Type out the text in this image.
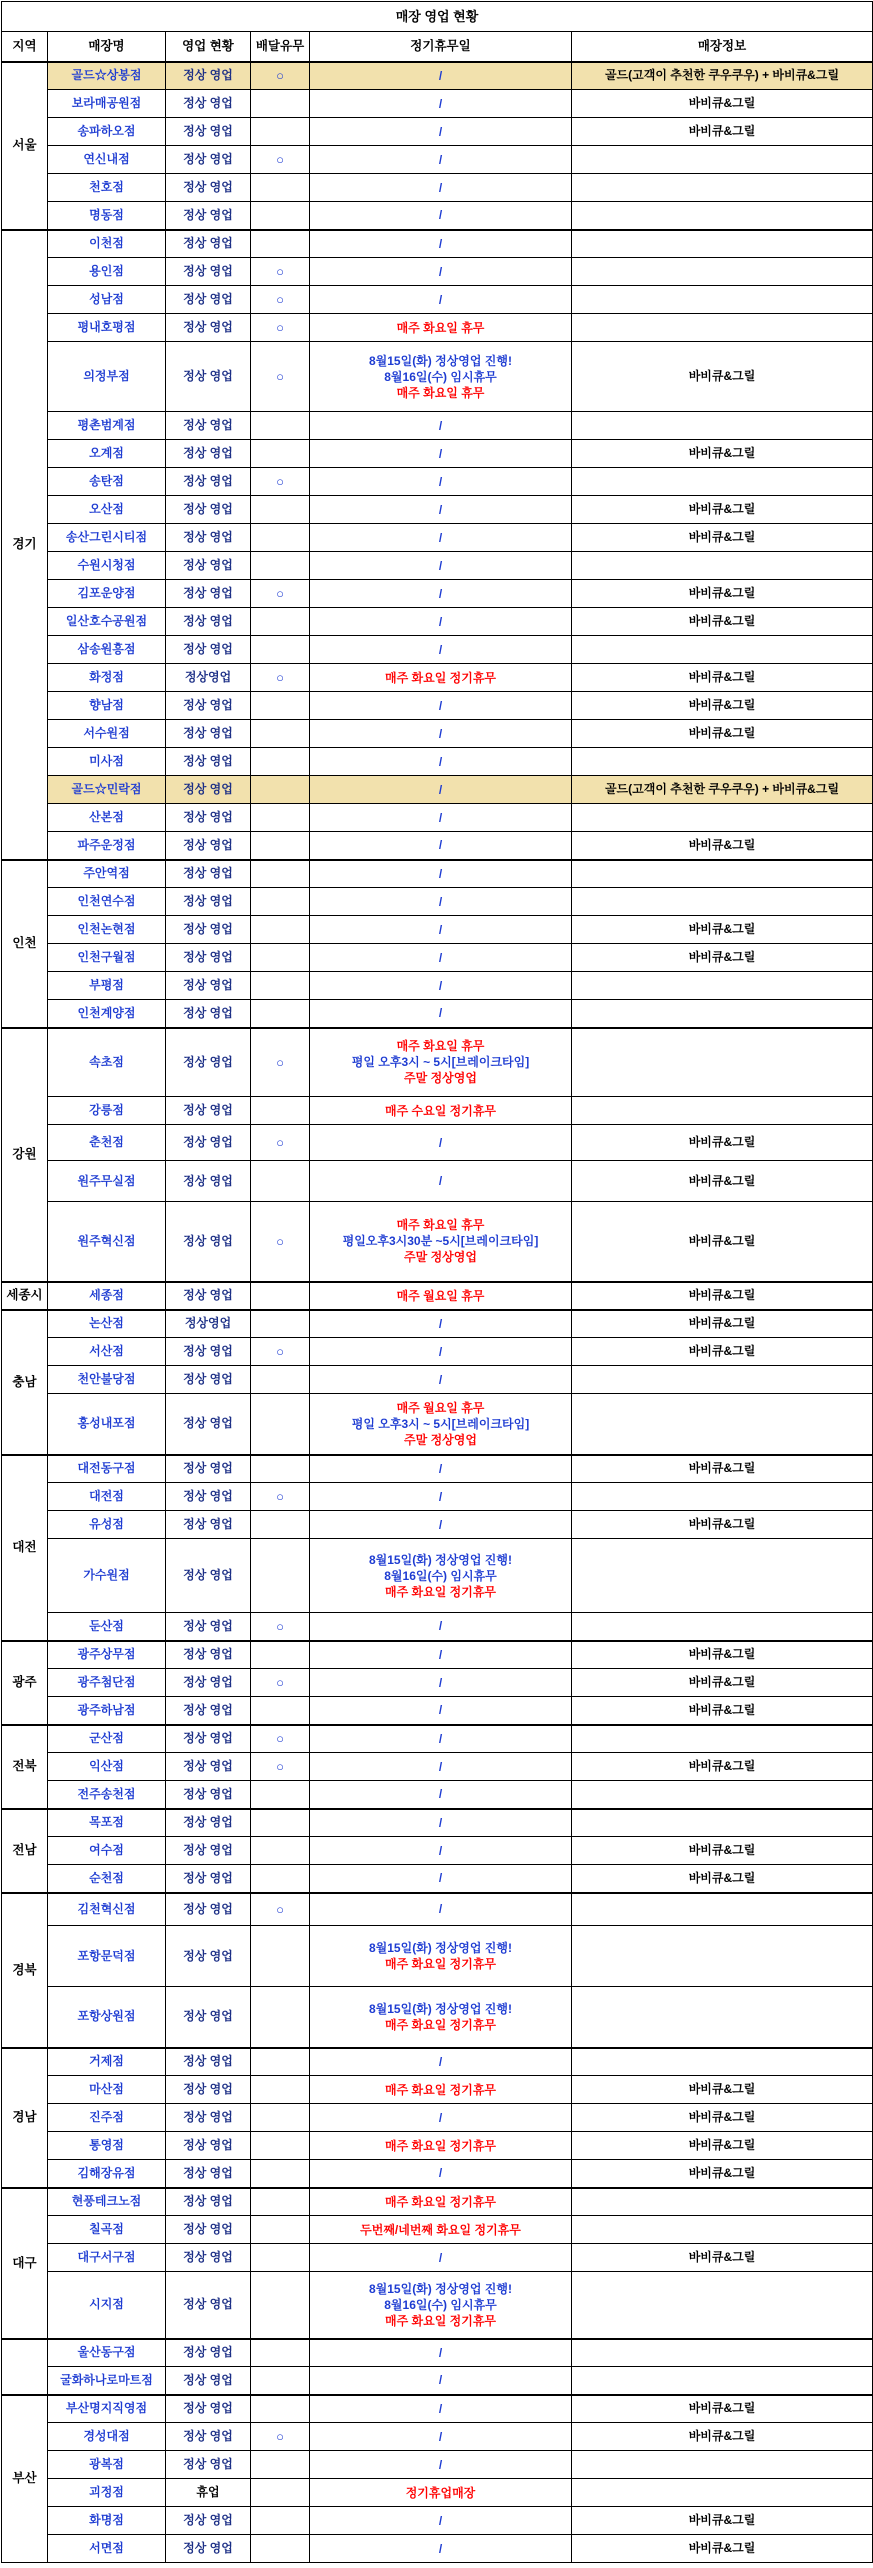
매장 영업 현황					
지역	매장명	영업 현황	배달유무	정기휴무일	매장정보
서울	골드☆상봉점	정상 영업	○	/	골드(고객이 추천한 쿠우쿠우) + 바비큐&그릴
	보라매공원점	정상 영업		/	바비큐&그릴
	송파하오점	정상 영업		/	바비큐&그릴
	연신내점	정상 영업	○	/	

	천호점	정상 영업		/	

	명동점	정상 영업		/	

경기	이천점	정상 영업		/	

	용인점	정상 영업	○	/	

	성남점	정상 영업	○	/	

	평내호평점	정상 영업	○	매주 화요일 휴무	

	의정부점	정상 영업	○	8월15일(화) 정상영업 진행!
8월16일(수) 임시휴무
매주 화요일 휴무	바비큐&그릴
	평촌범계점	정상 영업		/	

	오계점	정상 영업		/	바비큐&그릴
	송탄점	정상 영업	○	/	

	오산점	정상 영업		/	바비큐&그릴
	송산그린시티점	정상 영업		/	바비큐&그릴
	수원시청점	정상 영업		/	

	김포운양점	정상 영업	○	/	바비큐&그릴
	일산호수공원점	정상 영업		/	바비큐&그릴
	삼송원흥점	정상 영업		/	

	화정점	정상영업	○	매주 화요일 정기휴무	바비큐&그릴
	향남점	정상 영업		/	바비큐&그릴
	서수원점	정상 영업		/	바비큐&그릴
	미사점	정상 영업		/	

	골드☆민락점	정상 영업		/	골드(고객이 추천한 쿠우쿠우) + 바비큐&그릴
	산본점	정상 영업		/	

	파주운정점	정상 영업		/	바비큐&그릴
인천	주안역점	정상 영업		/	

	인천연수점	정상 영업		/	

	인천논현점	정상 영업		/	바비큐&그릴
	인천구월점	정상 영업		/	바비큐&그릴
	부평점	정상 영업		/	

	인천계양점	정상 영업		/	

강원	속초점	정상 영업	○	매주 화요일 휴무
평일 오후3시 ~ 5시[브레이크타임]
주말 정상영업	

	강릉점	정상 영업		매주 수요일 정기휴무	

	춘천점	정상 영업	○	/	바비큐&그릴
	원주무실점	정상 영업		/	바비큐&그릴
	원주혁신점	정상 영업	○	매주 화요일 휴무
평일오후3시30분 ~5시[브레이크타임]
주말 정상영업	바비큐&그릴
세종시	세종점	정상 영업		매주 월요일 휴무	바비큐&그릴
충남	논산점	정상영업		/	바비큐&그릴
	서산점	정상 영업	○	/	바비큐&그릴
	천안불당점	정상 영업		/	

	홍성내포점	정상 영업		매주 월요일 휴무
평일 오후3시 ~ 5시[브레이크타임]
주말 정상영업	

대전	대전동구점	정상 영업		/	바비큐&그릴
	대전점	정상 영업	○	/	

	유성점	정상 영업		/	바비큐&그릴
	가수원점	정상 영업		8월15일(화) 정상영업 진행!
8월16일(수) 임시휴무
매주 화요일 정기휴무	

	둔산점	정상 영업	○	/	

광주	광주상무점	정상 영업		/	바비큐&그릴
	광주첨단점	정상 영업	○	/	바비큐&그릴
	광주하남점	정상 영업		/	바비큐&그릴
전북	군산점	정상 영업	○	/	

	익산점	정상 영업	○	/	바비큐&그릴
	전주송천점	정상 영업		/	

전남	목포점	정상 영업		/	

	여수점	정상 영업		/	바비큐&그릴
	순천점	정상 영업		/	바비큐&그릴
경북	김천혁신점	정상 영업	○	/	

	포항문덕점	정상 영업		8월15일(화) 정상영업 진행!
매주 화요일 정기휴무	

	포항상원점	정상 영업		8월15일(화) 정상영업 진행!
매주 화요일 정기휴무	

경남	거제점	정상 영업		/	

	마산점	정상 영업		매주 화요일 정기휴무	바비큐&그릴
	진주점	정상 영업		/	바비큐&그릴
	통영점	정상 영업		매주 화요일 정기휴무	바비큐&그릴
	김해장유점	정상 영업		/	바비큐&그릴
대구	현풍테크노점	정상 영업		매주 화요일 정기휴무	

	칠곡점	정상 영업		두번째/네번째 화요일 정기휴무	

	대구서구점	정상 영업		/	바비큐&그릴
	시지점	정상 영업		8월15일(화) 정상영업 진행!
8월16일(수) 임시휴무
매주 화요일 정기휴무	

	울산동구점	정상 영업		/	

	굴화하나로마트점	정상 영업		/	

부산	부산명지직영점	정상 영업		/	바비큐&그릴
	경성대점	정상 영업	○	/	바비큐&그릴
	광복점	정상 영업		/	

	괴정점	휴업		정기휴업매장	

	화명점	정상 영업		/	바비큐&그릴
	서면점	정상 영업		/	바비큐&그릴
